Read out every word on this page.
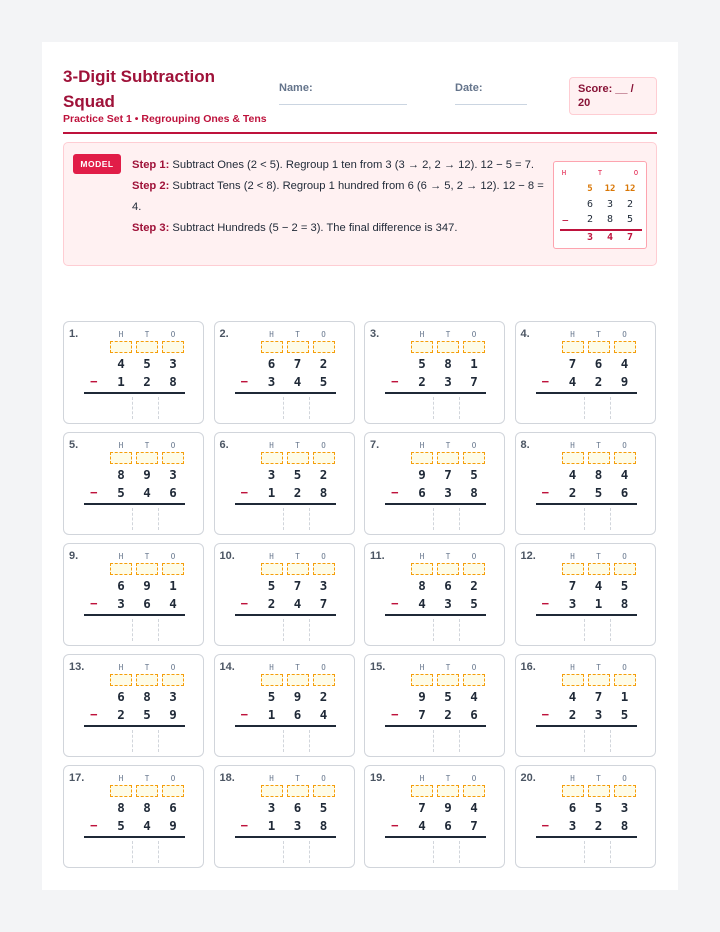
3-Digit Subtraction Squad
Practice Set 1 • Regrouping Ones & Tens
Name:	Date:	Score: __ / 20
MODEL	Step 1: Subtract Ones (2 < 5). Regroup 1 ten from 3 (3 → 2, 2 → 12). 12 − 5 = 7.

Step 2: Subtract Tens (2 < 8). Regroup 1 hundred from 6 (6 → 5, 2 → 12). 12 − 8 = 4.

Step 3: Subtract Hundreds (5 − 2 = 3). The final difference is 347.

H	T	O
5	12	12
6	3	2
−	2	8	5
3	4	7
1.	H	T	O
4	5	3
−	1	2	8
2.	H	T	O
6	7	2
−	3	4	5
3.	H	T	O
5	8	1
−	2	3	7
4.	H	T	O
7	6	4
−	4	2	9
5.	H	T	O
8	9	3
−	5	4	6
6.	H	T	O
3	5	2
−	1	2	8
7.	H	T	O
9	7	5
−	6	3	8
8.	H	T	O
4	8	4
−	2	5	6
9.	H	T	O
6	9	1
−	3	6	4
10.	H	T	O
5	7	3
−	2	4	7
11.	H	T	O
8	6	2
−	4	3	5
12.	H	T	O
7	4	5
−	3	1	8
13.	H	T	O
6	8	3
−	2	5	9
14.	H	T	O
5	9	2
−	1	6	4
15.	H	T	O
9	5	4
−	7	2	6
16.	H	T	O
4	7	1
−	2	3	5
17.	H	T	O
8	8	6
−	5	4	9
18.	H	T	O
3	6	5
−	1	3	8
19.	H	T	O
7	9	4
−	4	6	7
20.	H	T	O
6	5	3
−	3	2	8
